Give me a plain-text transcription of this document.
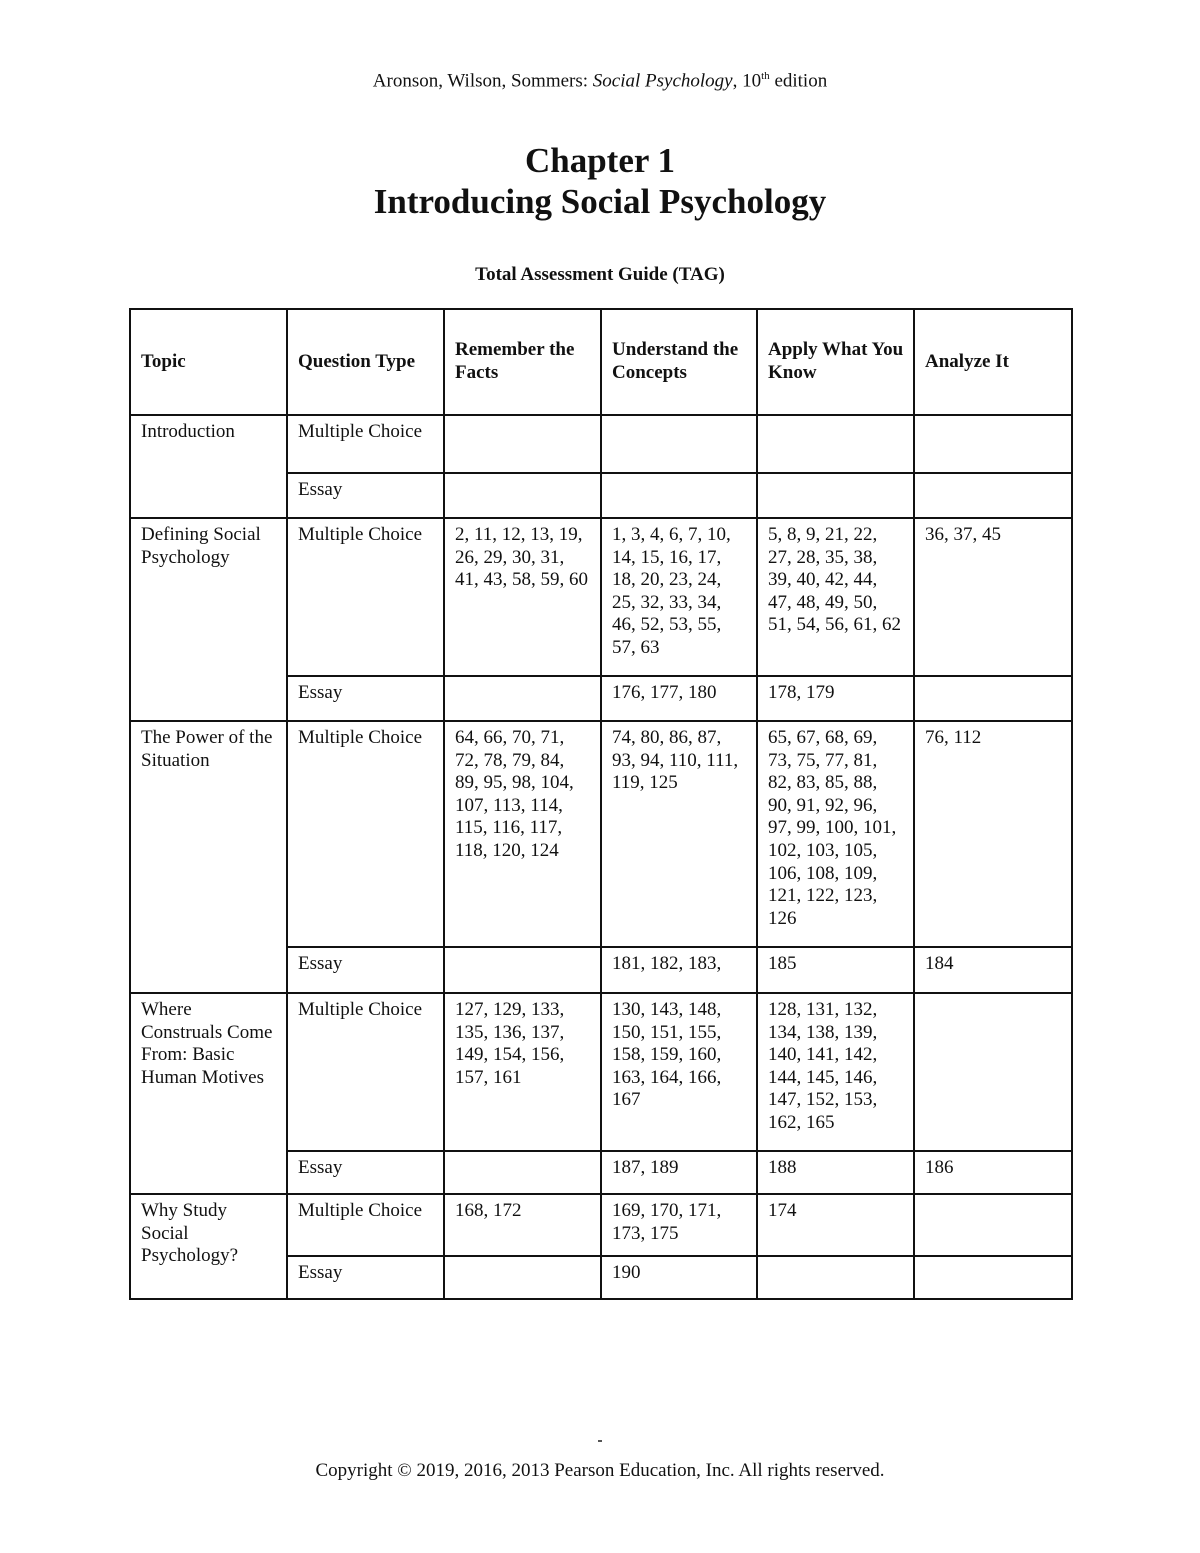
Aronson, Wilson, Sommers: Social Psychology, 10th edition
Chapter 1
Introducing Social Psychology
Total Assessment Guide (TAG)
Topic	Question Type	Remember the Facts	Understand the Concepts	Apply What You Know	Analyze It
Introduction	Multiple Choice				
	Essay				
Defining Social Psychology	Multiple Choice	2, 11, 12, 13, 19, 26, 29, 30, 31, 41, 43, 58, 59, 60	1, 3, 4, 6, 7, 10, 14, 15, 16, 17, 18, 20, 23, 24, 25, 32, 33, 34, 46, 52, 53, 55, 57, 63	5, 8, 9, 21, 22, 27, 28, 35, 38, 39, 40, 42, 44, 47, 48, 49, 50, 51, 54, 56, 61, 62	36, 37, 45
	Essay		176, 177, 180	178, 179	
The Power of the Situation	Multiple Choice	64, 66, 70, 71, 72, 78, 79, 84, 89, 95, 98, 104, 107, 113, 114, 115, 116, 117, 118, 120, 124	74, 80, 86, 87, 93, 94, 110, 111, 119, 125	65, 67, 68, 69, 73, 75, 77, 81, 82, 83, 85, 88, 90, 91, 92, 96, 97, 99, 100, 101, 102, 103, 105, 106, 108, 109, 121, 122, 123, 126	76, 112
	Essay		181, 182, 183,	185	184
Where Construals Come From: Basic Human Motives	Multiple Choice	127, 129, 133, 135, 136, 137, 149, 154, 156, 157, 161	130, 143, 148, 150, 151, 155, 158, 159, 160, 163, 164, 166, 167	128, 131, 132, 134, 138, 139, 140, 141, 142, 144, 145, 146, 147, 152, 153, 162, 165	
	Essay		187, 189	188	186
Why Study Social Psychology?	Multiple Choice	168, 172	169, 170, 171, 173, 175	174	
	Essay		190		
Copyright © 2019, 2016, 2013 Pearson Education, Inc. All rights reserved.
